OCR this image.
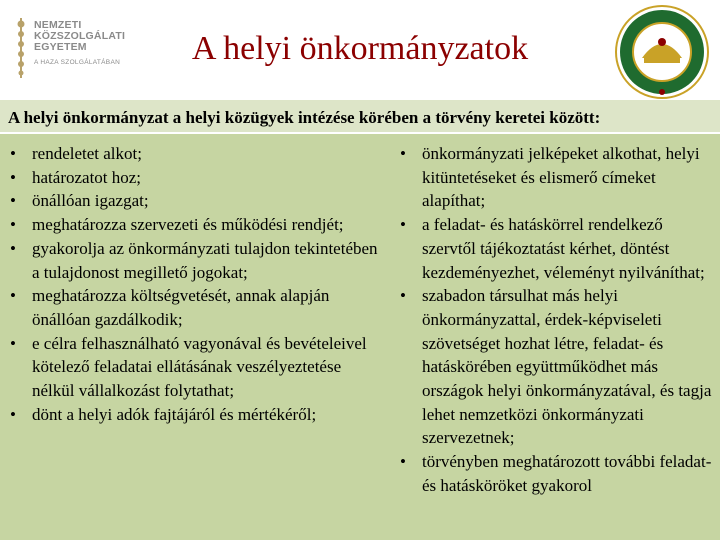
NEMZETI
KÖZSZOLGÁLATI
EGYETEM
A HAZA SZOLGÁLATÁBAN	A helyi önkormányzatok
A helyi önkormányzat a helyi közügyek intézése körében a törvény keretei között:
• rendeletet alkot;
• határozatot hoz;
• önállóan igazgat;
• meghatározza szervezeti és működési rendjét;
• gyakorolja az önkormányzati tulajdon tekintetében a tulajdonost megillető jogokat;
• meghatározza költségvetését, annak alapján önállóan gazdálkodik;
• e célra felhasználható vagyonával és bevételeivel kötelező feladatai ellátásának veszélyeztetése nélkül vállalkozást folytathat;
• dönt a helyi adók fajtájáról és mértékéről;
• önkormányzati jelképeket alkothat, helyi kitüntetéseket és elismerő címeket alapíthat;
• a feladat- és hatáskörrel rendelkező szervtől tájékoztatást kérhet, döntést kezdeményezhet, véleményt nyilváníthat;
• szabadon társulhat más helyi önkormányzattal, érdek-képviseleti szövetséget hozhat létre, feladat- és hatáskörében együttműködhet más országok helyi önkormányzatával, és tagja lehet nemzetközi önkormányzati szervezetnek;
• törvényben meghatározott további feladat- és hatásköröket gyakorol
